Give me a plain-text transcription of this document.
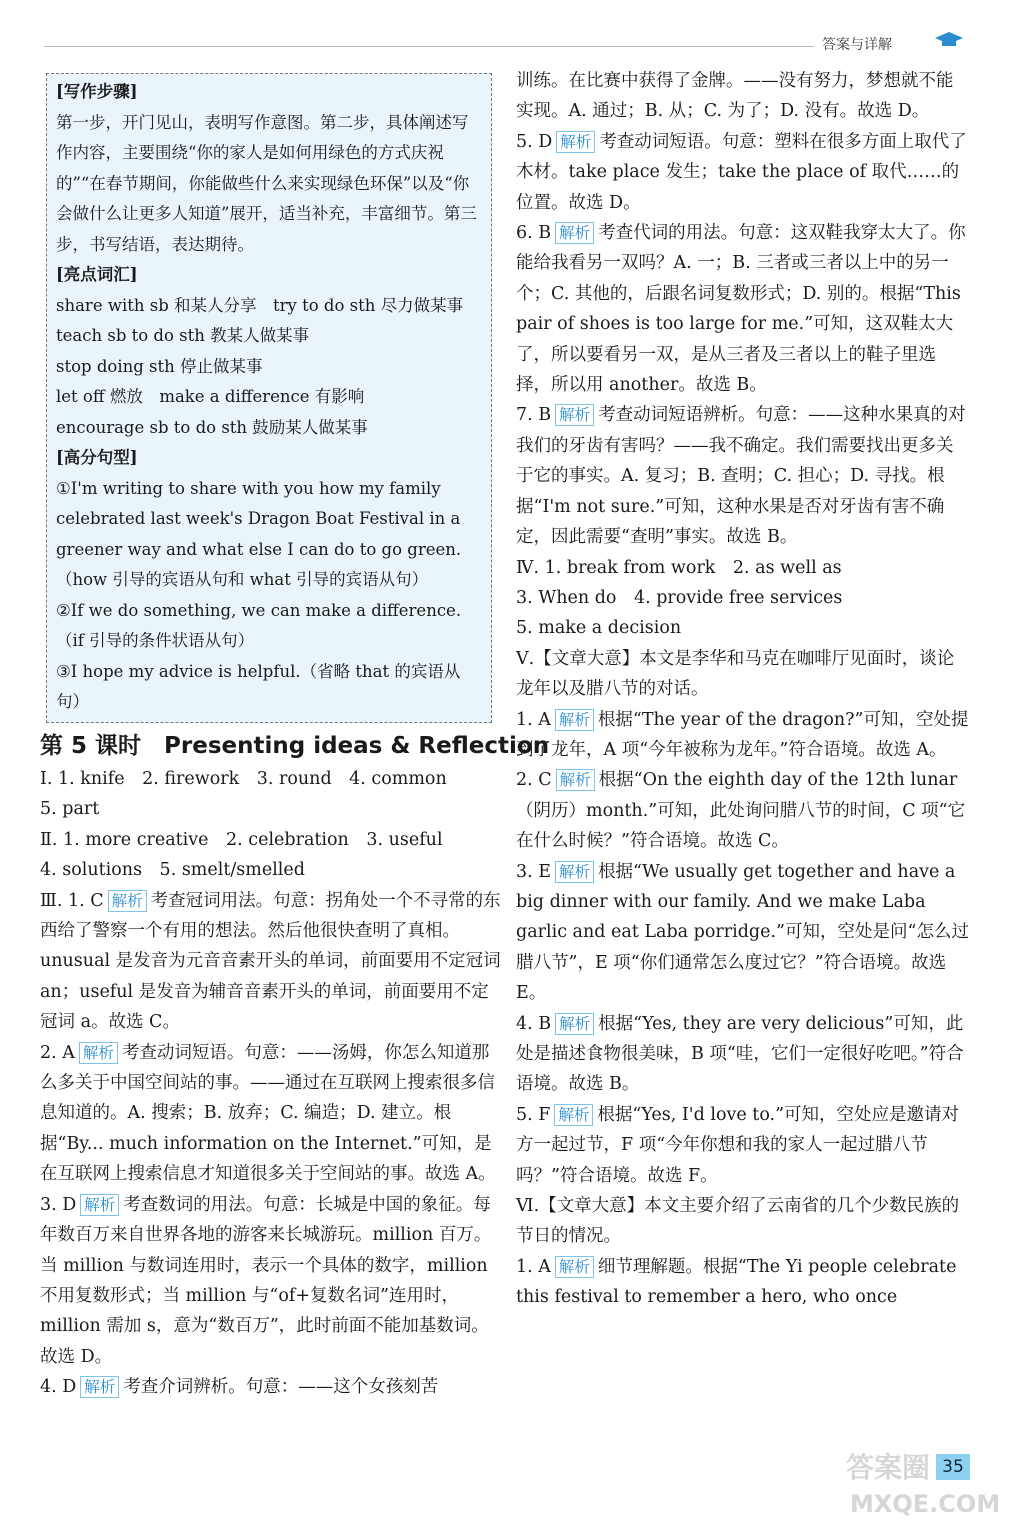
答案与详解

[写作步骤]

第一步，开门见山，表明写作意图。第二步，具体阐述写作内容，主要围绕“你的家人是如何用绿色的方式庆祝的”“在春节期间，你能做些什么来实现绿色环保”以及“你会做什么让更多人知道”展开，适当补充，丰富细节。第三步，书写结语，表达期待。

[亮点词汇]

share with sb 和某人分享　try to do sth 尽力做某事

teach sb to do sth 教某人做某事

stop doing sth 停止做某事

let off 燃放　make a difference 有影响

encourage sb to do sth 鼓励某人做某事

[高分句型]

①I'm writing to share with you how my family celebrated last week's Dragon Boat Festival in a greener way and what else I can do to go green.（how 引导的宾语从句和 what 引导的宾语从句）

②If we do something, we can make a difference.（if 引导的条件状语从句）

③I hope my advice is helpful.（省略 that 的宾语从句）

第 5 课时　Presenting ideas & Reflection
Ⅰ. 1. knife　2. firework　3. round　4. common
5. part
Ⅱ. 1. more creative　2. celebration　3. useful
4. solutions　5. smelt/smelled
Ⅲ. 1. C 解析 考查冠词用法。句意：拐角处一个不寻常的东西给了警察一个有用的想法。然后他很快查明了真相。unusual 是发音为元音音素开头的单词，前面要用不定冠词 an；useful 是发音为辅音音素开头的单词，前面要用不定冠词 a。故选 C。
2. A 解析 考查动词短语。句意：——汤姆，你怎么知道那么多关于中国空间站的事。——通过在互联网上搜索很多信息知道的。A. 搜索；B. 放弃；C. 编造；D. 建立。根据“By... much information on the Internet.”可知，是在互联网上搜索信息才知道很多关于空间站的事。故选 A。
3. D 解析 考查数词的用法。句意：长城是中国的象征。每年数百万来自世界各地的游客来长城游玩。million 百万。当 million 与数词连用时，表示一个具体的数字，million 不用复数形式；当 million 与“of+复数名词”连用时，million 需加 s，意为“数百万”，此时前面不能加基数词。故选 D。
4. D 解析 考查介词辨析。句意：——这个女孩刻苦
训练。在比赛中获得了金牌。——没有努力，梦想就不能实现。A. 通过；B. 从；C. 为了；D. 没有。故选 D。
5. D 解析 考查动词短语。句意：塑料在很多方面上取代了木材。take place 发生；take the place of 取代……的位置。故选 D。
6. B 解析 考查代词的用法。句意：这双鞋我穿太大了。你能给我看另一双吗？A. 一；B. 三者或三者以上中的另一个；C. 其他的，后跟名词复数形式；D. 别的。根据“This pair of shoes is too large for me.”可知，这双鞋太大了，所以要看另一双，是从三者及三者以上的鞋子里选择，所以用 another。故选 B。
7. B 解析 考查动词短语辨析。句意：——这种水果真的对我们的牙齿有害吗？——我不确定。我们需要找出更多关于它的事实。A. 复习；B. 查明；C. 担心；D. 寻找。根据“I'm not sure.”可知，这种水果是否对牙齿有害不确定，因此需要“查明”事实。故选 B。
Ⅳ. 1. break from work　2. as well as
3. When do　4. provide free services
5. make a decision
Ⅴ.【文章大意】本文是李华和马克在咖啡厅见面时，谈论龙年以及腊八节的对话。
1. A 解析 根据“The year of the dragon?”可知，空处提到了龙年，A 项“今年被称为龙年。”符合语境。故选 A。
2. C 解析 根据“On the eighth day of the 12th lunar（阴历）month.”可知，此处询问腊八节的时间，C 项“它在什么时候？”符合语境。故选 C。
3. E 解析 根据“We usually get together and have a big dinner with our family. And we make Laba garlic and eat Laba porridge.”可知，空处是问“怎么过腊八节”，E 项“你们通常怎么度过它？”符合语境。故选 E。
4. B 解析 根据“Yes, they are very delicious”可知，此处是描述食物很美味，B 项“哇，它们一定很好吃吧。”符合语境。故选 B。
5. F 解析 根据“Yes, I'd love to.”可知，空处应是邀请对方一起过节，F 项“今年你想和我的家人一起过腊八节吗？”符合语境。故选 F。
Ⅵ.【文章大意】本文主要介绍了云南省的几个少数民族的节日的情况。
1. A 解析 细节理解题。根据“The Yi people celebrate this festival to remember a hero, who once
答案圈
MXQE.COM
35
